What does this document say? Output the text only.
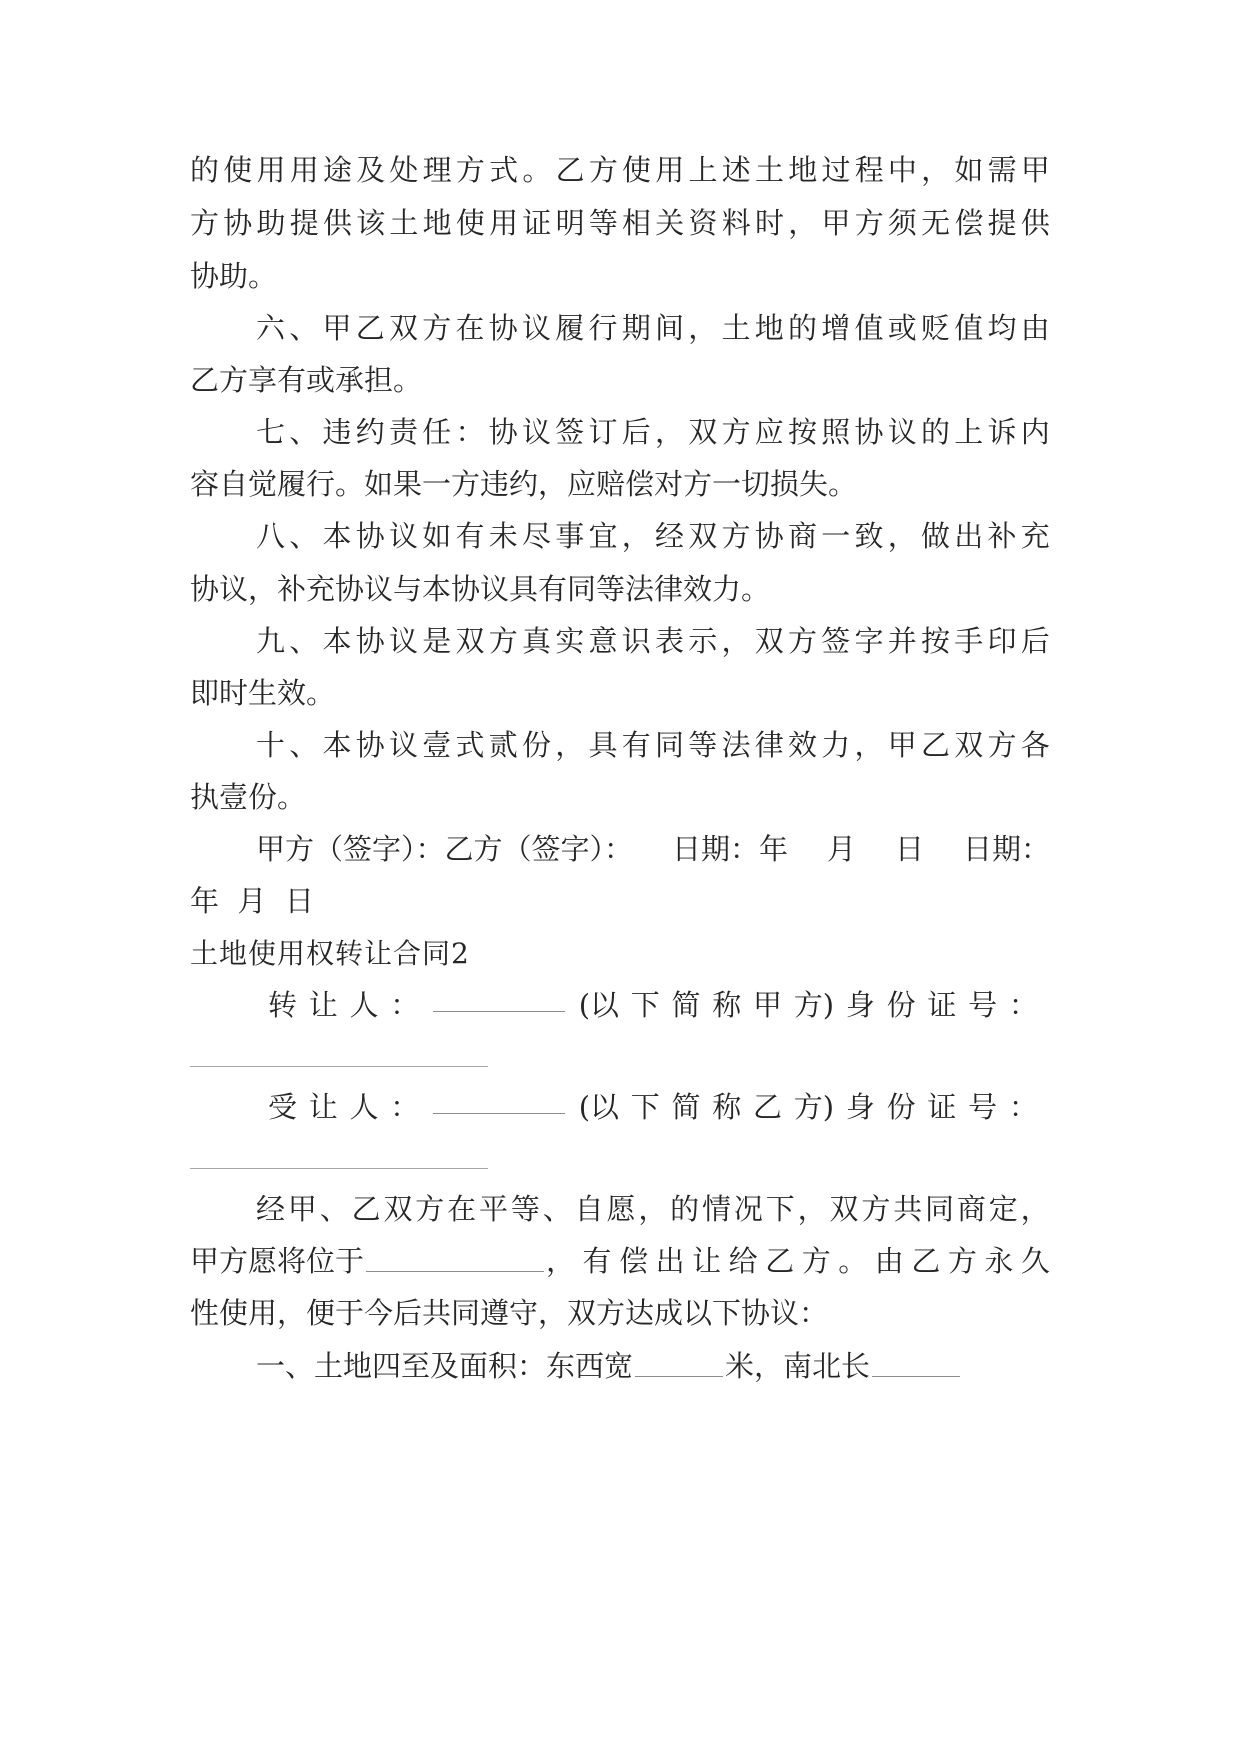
的 使 用 用 途 及 处 理 方 式 。 乙 方 使 用 上 述 土 地 过 程 中 ， 如 需 甲

方 协 助 提 供 该 土 地 使 用 证 明 等 相 关 资 料 时 ， 甲 方 须 无 偿 提 供

协助。

六 、 甲 乙 双 方 在 协 议 履 行 期 间 ， 土 地 的 增 值 或 贬 值 均 由

乙方享有或承担。

七 、 违 约 责 任 ： 协 议 签 订 后 ， 双 方 应 按 照 协 议 的 上 诉 内

容自觉履行。如果一方违约，应赔偿对方一切损失。

八 、 本 协 议 如 有 未 尽 事 宜 ， 经 双 方 协 商 一 致 ， 做 出 补 充

协议，补充协议与本协议具有同等法律效力。

九 、 本 协 议 是 双 方 真 实 意 识 表 示 ， 双 方 签 字 并 按 手 印 后

即时生效。

十 、 本 协 议 壹 式 贰 份 ， 具 有 同 等 法 律 效 力 ， 甲 乙 双 方 各

执壹份。

甲方（签字）：乙方（签字）： 日期：年 月 日 日期：

年  月  日

土地使用权转让合同2

转 让 人 ：	(以 下 简 称 甲 方) 身 份 证 号 ：

受 让 人 ：	(以 下 简 称 乙 方) 身 份 证 号 ：

经 甲 、 乙 双 方 在 平 等 、 自 愿 ， 的 情 况 下 ， 双 方 共 同 商 定 ，

甲方愿将位于	， 有 偿 出 让 给 乙 方 。 由 乙 方 永 久

性使用，便于今后共同遵守，双方达成以下协议：

一、土地四至及面积：东西宽	米，南北长
